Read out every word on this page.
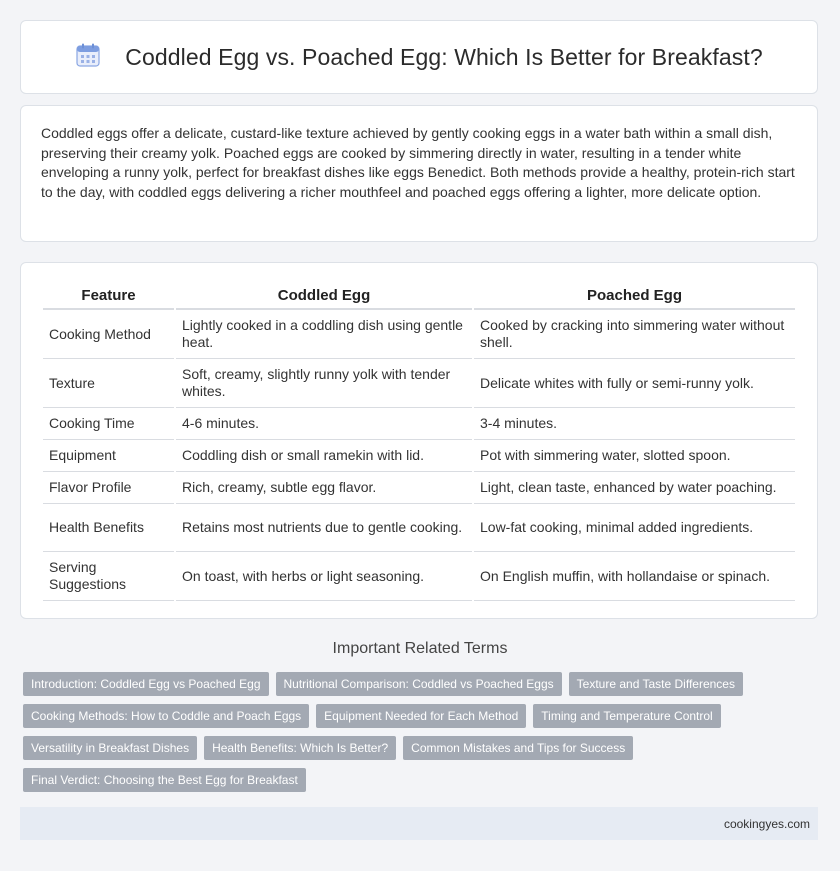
Coddled Egg vs. Poached Egg: Which Is Better for Breakfast?

Coddled eggs offer a delicate, custard-like texture achieved by gently cooking eggs in a water bath within a small dish, preserving their creamy yolk. Poached eggs are cooked by simmering directly in water, resulting in a tender white enveloping a runny yolk, perfect for breakfast dishes like eggs Benedict. Both methods provide a healthy, protein-rich start to the day, with coddled eggs delivering a richer mouthfeel and poached eggs offering a lighter, more delicate option.

Feature	Coddled Egg	Poached Egg
Cooking Method	Lightly cooked in a coddling dish using gentle heat.	Cooked by cracking into simmering water without shell.
Texture	Soft, creamy, slightly runny yolk with tender whites.	Delicate whites with fully or semi-runny yolk.
Cooking Time	4-6 minutes.	3-4 minutes.
Equipment	Coddling dish or small ramekin with lid.	Pot with simmering water, slotted spoon.
Flavor Profile	Rich, creamy, subtle egg flavor.	Light, clean taste, enhanced by water poaching.
Health Benefits	Retains most nutrients due to gentle cooking.	Low-fat cooking, minimal added ingredients.
Serving Suggestions	On toast, with herbs or light seasoning.	On English muffin, with hollandaise or spinach.
Important Related Terms
Introduction: Coddled Egg vs Poached Egg	Nutritional Comparison: Coddled vs Poached Eggs	Texture and Taste Differences
Cooking Methods: How to Coddle and Poach Eggs	Equipment Needed for Each Method	Timing and Temperature Control
Versatility in Breakfast Dishes	Health Benefits: Which Is Better?	Common Mistakes and Tips for Success
Final Verdict: Choosing the Best Egg for Breakfast
cookingyes.com
